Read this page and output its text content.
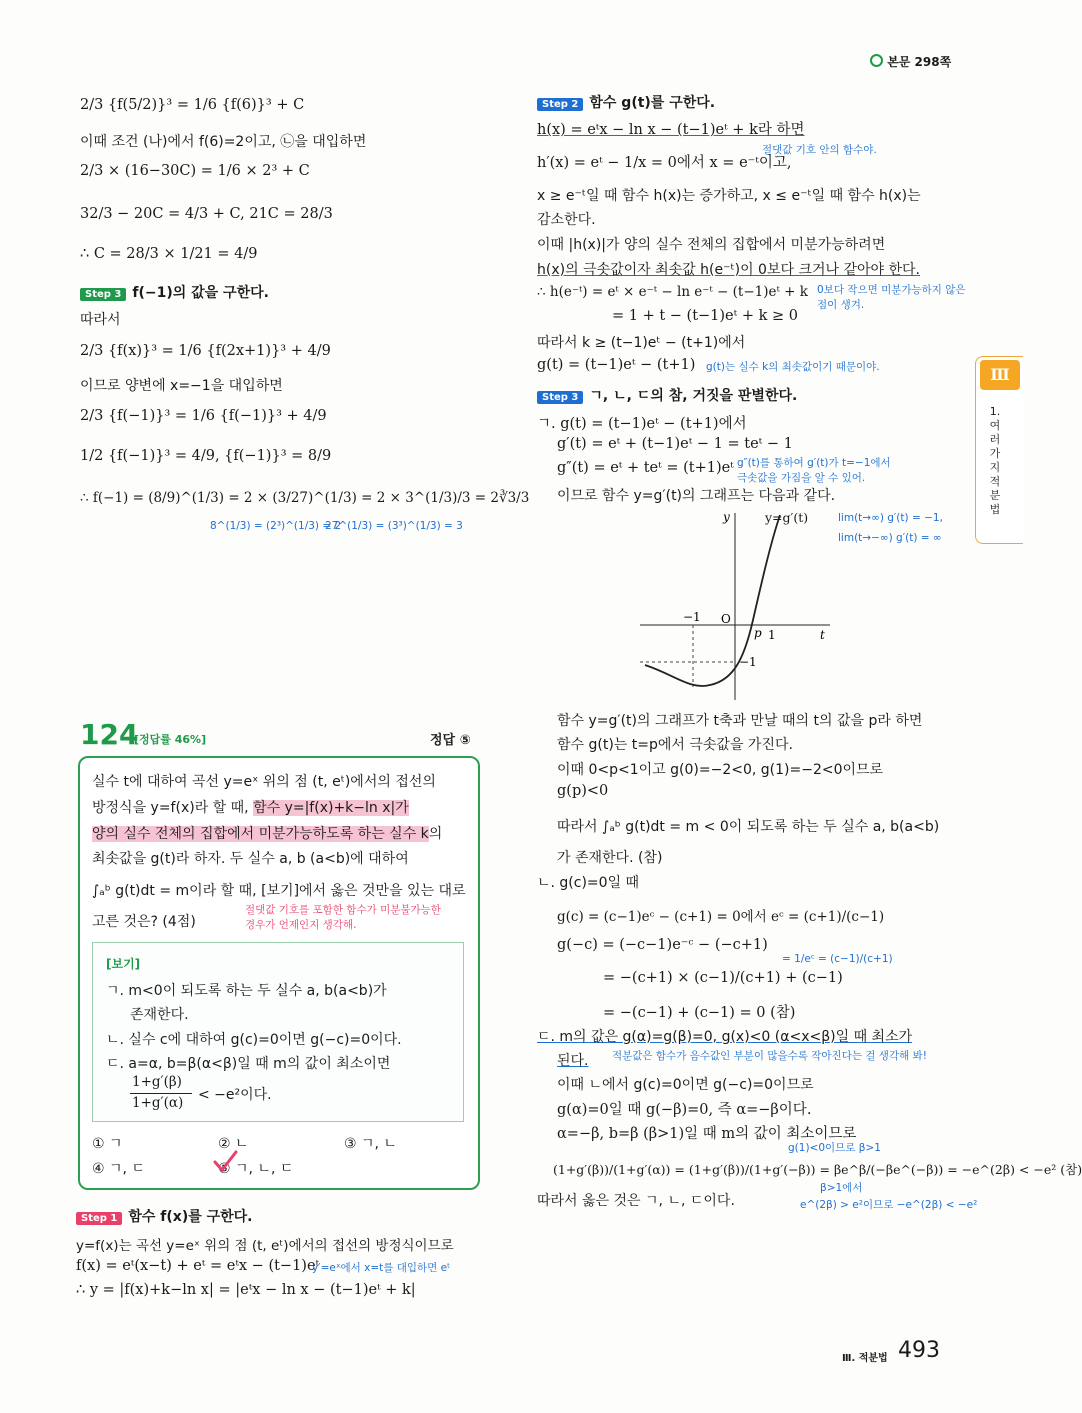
본문 298쪽
2/3 {f(5/2)}³ = 1/6 {f(6)}³ + C
이때 조건 (나)에서 f(6)=2이고, ㉡을 대입하면
2/3 × (16−30C) = 1/6 × 2³ + C
32/3 − 20C = 4/3 + C, 21C = 28/3
∴ C = 28/3 × 1/21 = 4/9
Step 3 f(−1)의 값을 구한다.
따라서
2/3 {f(x)}³ = 1/6 {f(2x+1)}³ + 4/9
이므로 양변에 x=−1을 대입하면
2/3 {f(−1)}³ = 1/6 {f(−1)}³ + 4/9
1/2 {f(−1)}³ = 4/9, {f(−1)}³ = 8/9
∴ f(−1) = (8/9)^(1/3) = 2 × (3/27)^(1/3) = 2 × 3^(1/3)/3 = 2∛3/3
8^(1/3) = (2³)^(1/3) = 2
27^(1/3) = (3³)^(1/3) = 3
124
[정답률 46%]	정답 ⑤
실수 t에 대하여 곡선 y=eˣ 위의 점 (t, eᵗ)에서의 접선의
방정식을 y=f(x)라 할 때, 함수 y=|f(x)+k−ln x|가
양의 실수 전체의 집합에서 미분가능하도록 하는 실수 k의
최솟값을 g(t)라 하자. 두 실수 a, b (a<b)에 대하여
∫ₐᵇ g(t)dt = m이라 할 때, [보기]에서 옳은 것만을 있는 대로
고른 것은? (4점)
절댓값 기호를 포함한 함수가 미분불가능한
경우가 언제인지 생각해.
[보기]
ㄱ. m<0이 되도록 하는 두 실수 a, b(a<b)가
존재한다.
ㄴ. 실수 c에 대하여 g(c)=0이면 g(−c)=0이다.
ㄷ. a=α, b=β(α<β)일 때 m의 값이 최소이면
1+g′(β)
1+g′(α) < −e²이다.
① ㄱ	② ㄴ	③ ㄱ, ㄴ
④ ㄱ, ㄷ	⑤ ㄱ, ㄴ, ㄷ
Step 1 함수 f(x)를 구한다.
y=f(x)는 곡선 y=eˣ 위의 점 (t, eᵗ)에서의 접선의 방정식이므로
f(x) = eᵗ(x−t) + eᵗ = eᵗx − (t−1)eᵗ
y′=eˣ에서 x=t를 대입하면 eᵗ
∴ y = |f(x)+k−ln x| = |eᵗx − ln x − (t−1)eᵗ + k|
Step 2 함수 g(t)를 구한다.
h(x) = eᵗx − ln x − (t−1)eᵗ + k라 하면
절댓값 기호 안의 함수야.
h′(x) = eᵗ − 1/x = 0에서 x = e⁻ᵗ이고,
x ≥ e⁻ᵗ일 때 함수 h(x)는 증가하고, x ≤ e⁻ᵗ일 때 함수 h(x)는
감소한다.
이때 |h(x)|가 양의 실수 전체의 집합에서 미분가능하려면
h(x)의 극솟값이자 최솟값 h(e⁻ᵗ)이 0보다 크거나 같아야 한다.
∴ h(e⁻ᵗ) = eᵗ × e⁻ᵗ − ln e⁻ᵗ − (t−1)eᵗ + k 0보다 작으면 미분가능하지 않은
점이 생겨.
= 1 + t − (t−1)eᵗ + k ≥ 0
따라서 k ≥ (t−1)eᵗ − (t+1)에서
g(t) = (t−1)eᵗ − (t+1) g(t)는 실수 k의 최솟값이기 때문이야.
Step 3 ㄱ, ㄴ, ㄷ의 참, 거짓을 판별한다.
ㄱ. g(t) = (t−1)eᵗ − (t+1)에서
g′(t) = eᵗ + (t−1)eᵗ − 1 = teᵗ − 1
g″(t) = eᵗ + teᵗ = (t+1)eᵗ g″(t)를 통하여 g′(t)가 t=−1에서
극솟값을 가짐을 알 수 있어.
이므로 함수 y=g′(t)의 그래프는 다음과 같다.
y
t
O
−1
−1
p 1
y=g′(t)	lim(t→∞) g′(t) = −1,
lim(t→−∞) g′(t) = ∞
함수 y=g′(t)의 그래프가 t축과 만날 때의 t의 값을 p라 하면
함수 g(t)는 t=p에서 극솟값을 가진다.
이때 0<p<1이고 g(0)=−2<0, g(1)=−2<0이므로
g(p)<0
따라서 ∫ₐᵇ g(t)dt = m < 0이 되도록 하는 두 실수 a, b(a<b)
가 존재한다. (참)
ㄴ. g(c)=0일 때
g(c) = (c−1)eᶜ − (c+1) = 0에서 eᶜ = (c+1)/(c−1)
g(−c) = (−c−1)e⁻ᶜ − (−c+1)
= 1/eᶜ = (c−1)/(c+1)
= −(c+1) × (c−1)/(c+1) + (c−1)
= −(c−1) + (c−1) = 0 (참)
ㄷ. m의 값은 g(α)=g(β)=0, g(x)<0 (α<x<β)일 때 최소가
된다. 적분값은 함수가 음수값인 부분이 많을수록 작아진다는 걸 생각해 봐!
이때 ㄴ에서 g(c)=0이면 g(−c)=0이므로
g(α)=0일 때 g(−β)=0, 즉 α=−β이다.
α=−β, b=β (β>1)일 때 m의 값이 최소이므로
g(1)<0이므로 β>1
(1+g′(β))/(1+g′(α)) = (1+g′(β))/(1+g′(−β)) = βe^β/(−βe^(−β)) = −e^(2β) < −e² (참)
β>1에서
따라서 옳은 것은 ㄱ, ㄴ, ㄷ이다.	e^(2β) > e²이므로 −e^(2β) < −e²
Ⅲ
1.
여
러
가
지
적
분
법
Ⅲ. 적분법 493
